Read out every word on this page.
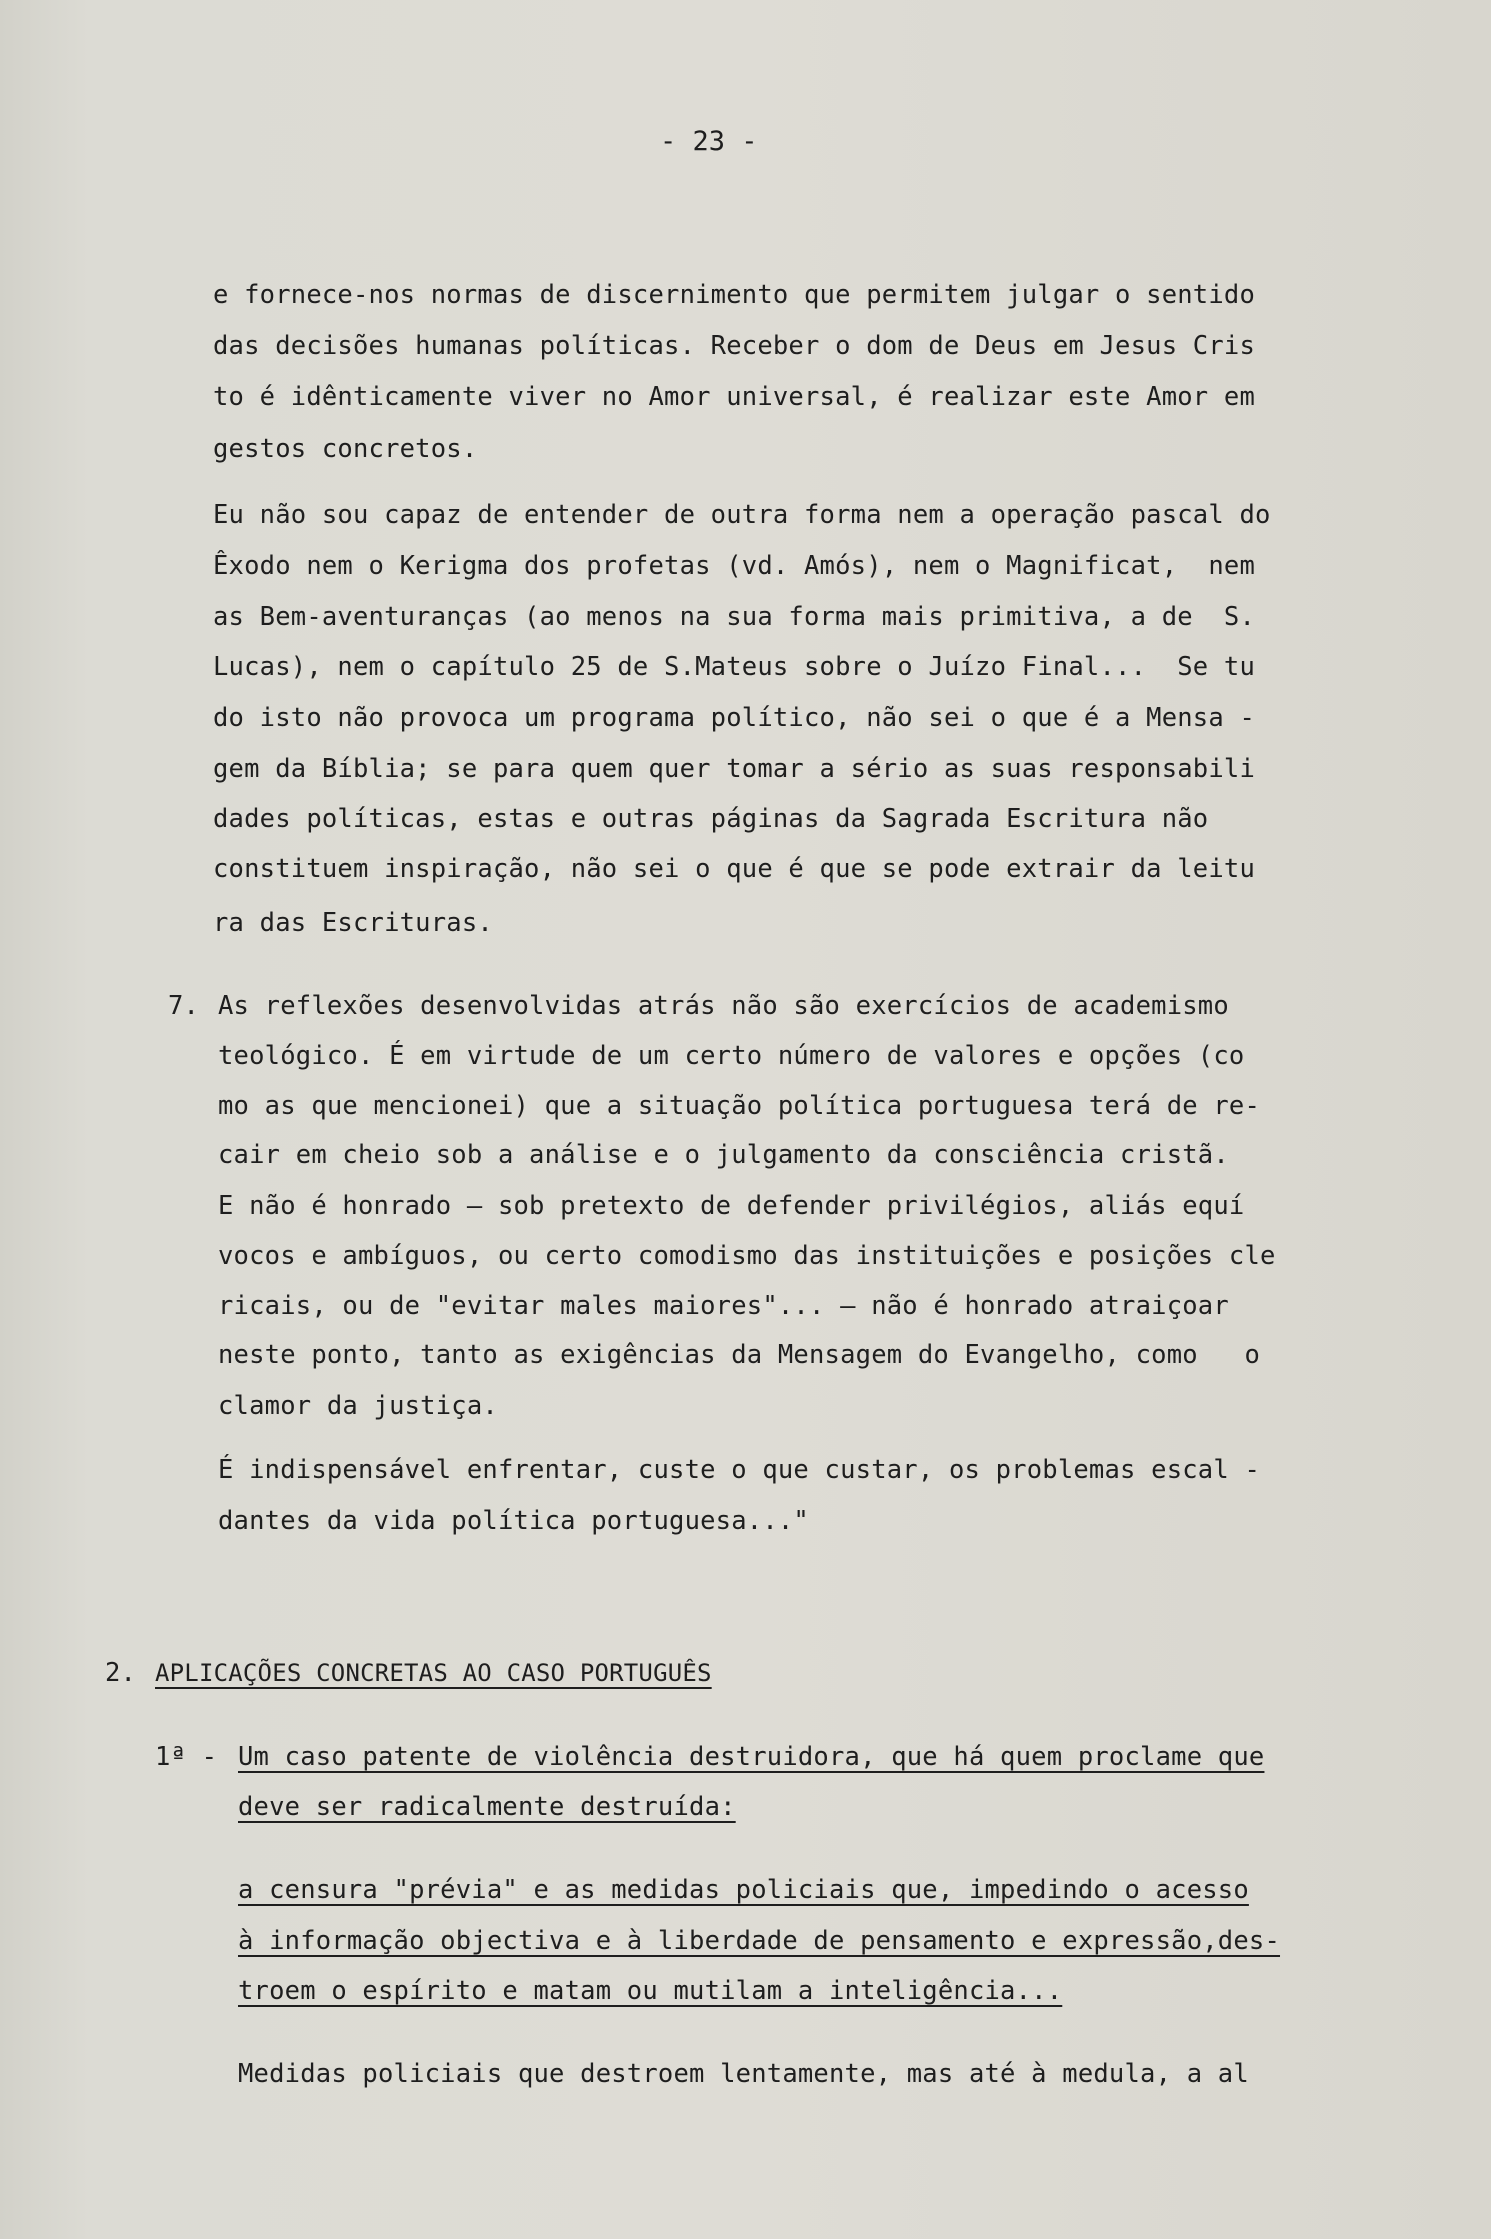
- 23 -
e fornece-nos normas de discernimento que permitem julgar o sentido
das decisões humanas políticas. Receber o dom de Deus em Jesus Cris
to é idênticamente viver no Amor universal, é realizar este Amor em
gestos concretos.
Eu não sou capaz de entender de outra forma nem a operação pascal do
Êxodo nem o Kerigma dos profetas (vd. Amós), nem o Magnificat,  nem
as Bem-aventuranças (ao menos na sua forma mais primitiva, a de  S.
Lucas), nem o capítulo 25 de S.Mateus sobre o Juízo Final...  Se tu
do isto não provoca um programa político, não sei o que é a Mensa -
gem da Bíblia; se para quem quer tomar a sério as suas responsabili
dades políticas, estas e outras páginas da Sagrada Escritura não
constituem inspiração, não sei o que é que se pode extrair da leitu
ra das Escrituras.
7. As reflexões desenvolvidas atrás não são exercícios de academismo
teológico. É em virtude de um certo número de valores e opções (co
mo as que mencionei) que a situação política portuguesa terá de re-
cair em cheio sob a análise e o julgamento da consciência cristã.
E não é honrado — sob pretexto de defender privilégios, aliás equí
vocos e ambíguos, ou certo comodismo das instituições e posições cle
ricais, ou de "evitar males maiores"... — não é honrado atraiçoar
neste ponto, tanto as exigências da Mensagem do Evangelho, como   o
clamor da justiça.
É indispensável enfrentar, custe o que custar, os problemas escal -
dantes da vida política portuguesa..."
2. APLICAÇÕES CONCRETAS AO CASO PORTUGUÊS
1ª - Um caso patente de violência destruidora, que há quem proclame que
deve ser radicalmente destruída:
a censura "prévia" e as medidas policiais que, impedindo o acesso
à informação objectiva e à liberdade de pensamento e expressão,des-
troem o espírito e matam ou mutilam a inteligência...
Medidas policiais que destroem lentamente, mas até à medula, a al
